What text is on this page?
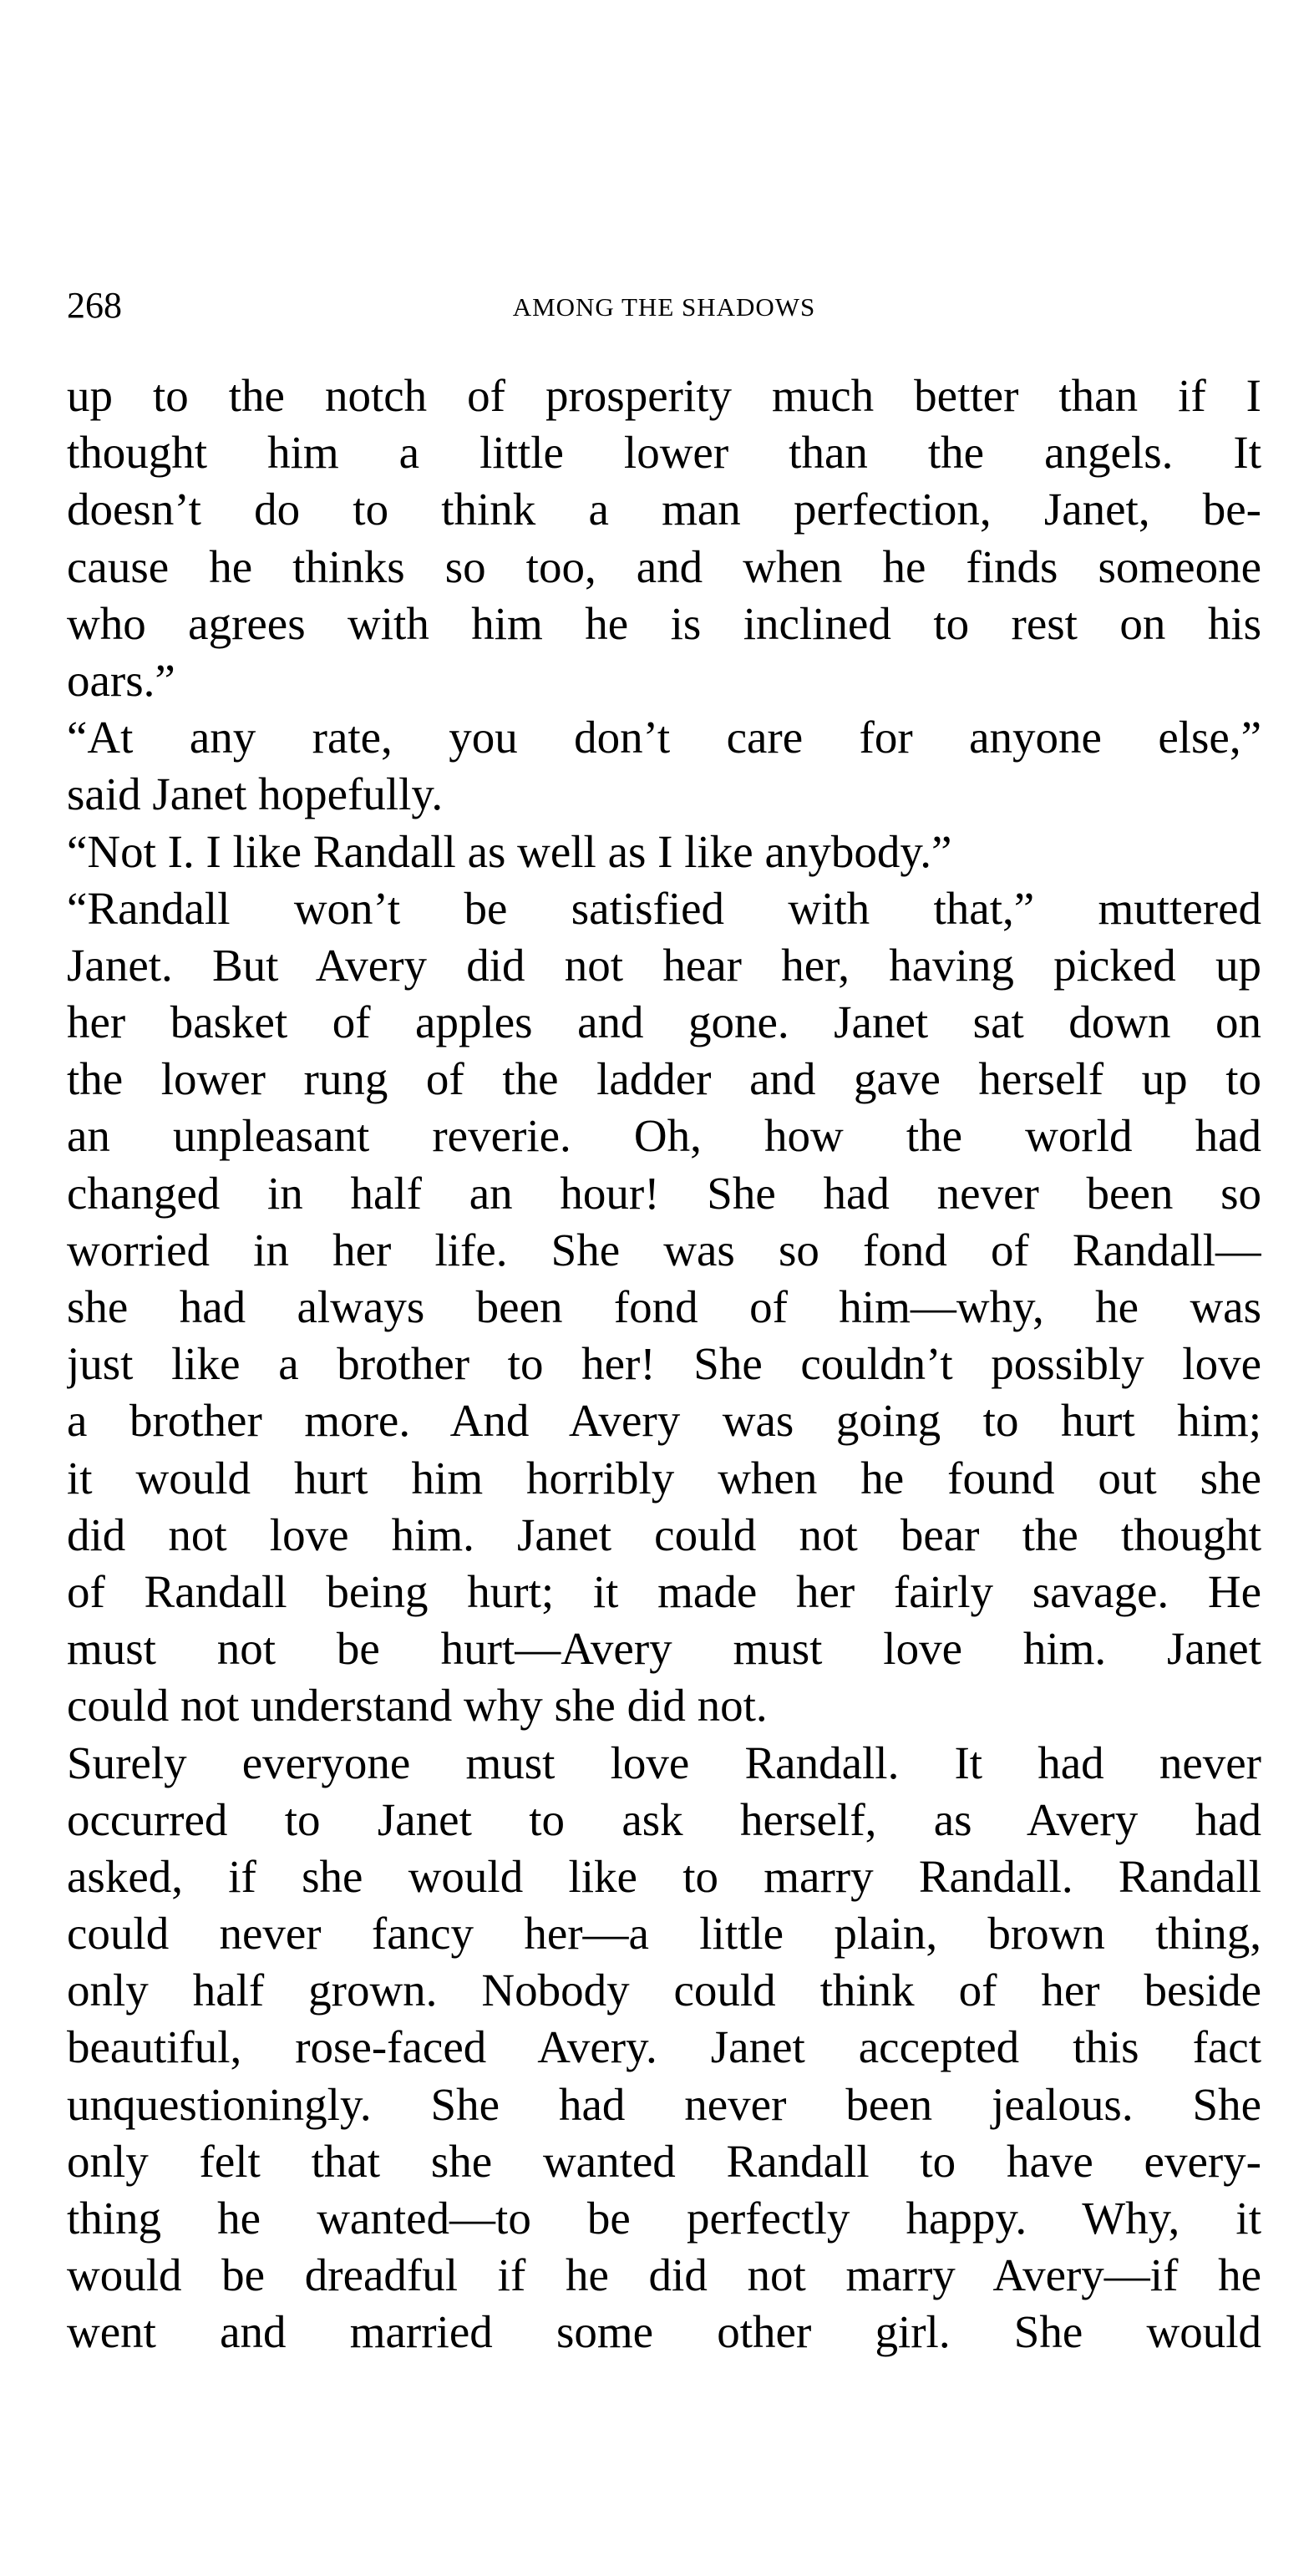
268	AMONG THE SHADOWS
up to the notch of prosperity much better than if I
thought him a little lower than the angels. It
doesn’t do to think a man perfection, Janet, be-
cause he thinks so too, and when he finds someone
who agrees with him he is inclined to rest on his
oars.”
“At any rate, you don’t care for anyone else,”
said Janet hopefully.
“Not I. I like Randall as well as I like anybody.”
“Randall won’t be satisfied with that,” muttered
Janet. But Avery did not hear her, having picked up
her basket of apples and gone. Janet sat down on
the lower rung of the ladder and gave herself up to
an unpleasant reverie. Oh, how the world had
changed in half an hour! She had never been so
worried in her life. She was so fond of Randall—
she had always been fond of him—why, he was
just like a brother to her! She couldn’t possibly love
a brother more. And Avery was going to hurt him;
it would hurt him horribly when he found out she
did not love him. Janet could not bear the thought
of Randall being hurt; it made her fairly savage. He
must not be hurt—Avery must love him. Janet
could not understand why she did not.
Surely everyone must love Randall. It had never
occurred to Janet to ask herself, as Avery had
asked, if she would like to marry Randall. Randall
could never fancy her—a little plain, brown thing,
only half grown. Nobody could think of her beside
beautiful, rose-faced Avery. Janet accepted this fact
unquestioningly. She had never been jealous. She
only felt that she wanted Randall to have every-
thing he wanted—to be perfectly happy. Why, it
would be dreadful if he did not marry Avery—if he
went and married some other girl. She would
